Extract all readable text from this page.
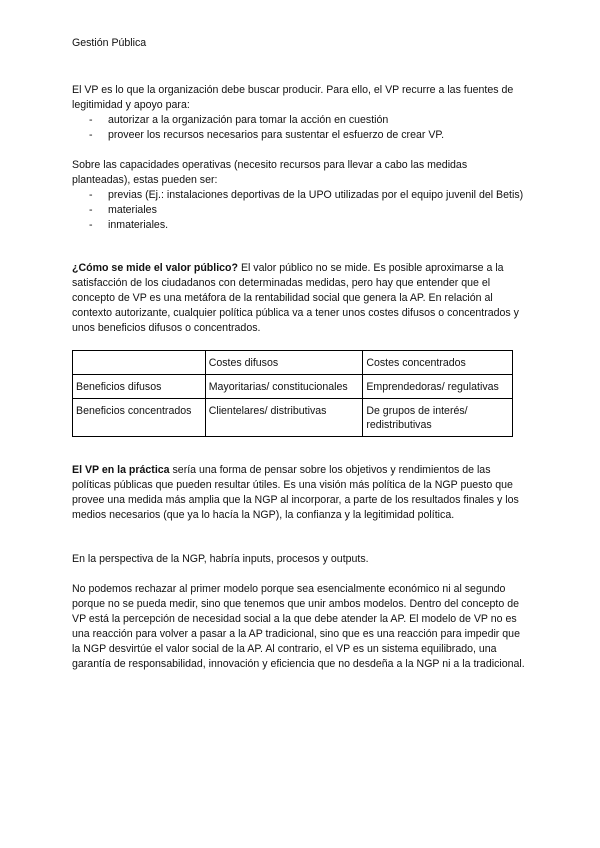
Gestión Pública

El VP es lo que la organización debe buscar producir. Para ello, el VP recurre a las fuentes de legitimidad y apoyo para:

- autorizar a la organización para tomar la acción en cuestión
- proveer los recursos necesarios para sustentar el esfuerzo de crear VP.

Sobre las capacidades operativas (necesito recursos para llevar a cabo las medidas planteadas), estas pueden ser:

- previas (Ej.: instalaciones deportivas de la UPO utilizadas por el equipo juvenil del Betis)
- materiales
- inmateriales.

¿Cómo se mide el valor público? El valor público no se mide. Es posible aproximarse a la satisfacción de los ciudadanos con determinadas medidas, pero hay que entender que el concepto de VP es una metáfora de la rentabilidad social que genera la AP. En relación al contexto autorizante, cualquier política pública va a tener unos costes difusos o concentrados y unos beneficios difusos o concentrados.

	Costes difusos	Costes concentrados
Beneficios difusos	Mayoritarias/ constitucionales	Emprendedoras/ regulativas
Beneficios concentrados	Clientelares/ distributivas	De grupos de interés/ redistributivas

El VP en la práctica sería una forma de pensar sobre los objetivos y rendimientos de las políticas públicas que pueden resultar útiles. Es una visión más política de la NGP puesto que provee una medida más amplia que la NGP al incorporar, a parte de los resultados finales y los medios necesarios (que ya lo hacía la NGP), la confianza y la legitimidad política.

En la perspectiva de la NGP, habría inputs, procesos y outputs.

No podemos rechazar al primer modelo porque sea esencialmente económico ni al segundo porque no se pueda medir, sino que tenemos que unir ambos modelos. Dentro del concepto de VP está la percepción de necesidad social a la que debe atender la AP. El modelo de VP no es una reacción para volver a pasar a la AP tradicional, sino que es una reacción para impedir que la NGP desvirtúe el valor social de la AP. Al contrario, el VP es un sistema equilibrado, una garantía de responsabilidad, innovación y eficiencia que no desdeña a la NGP ni a la tradicional.
